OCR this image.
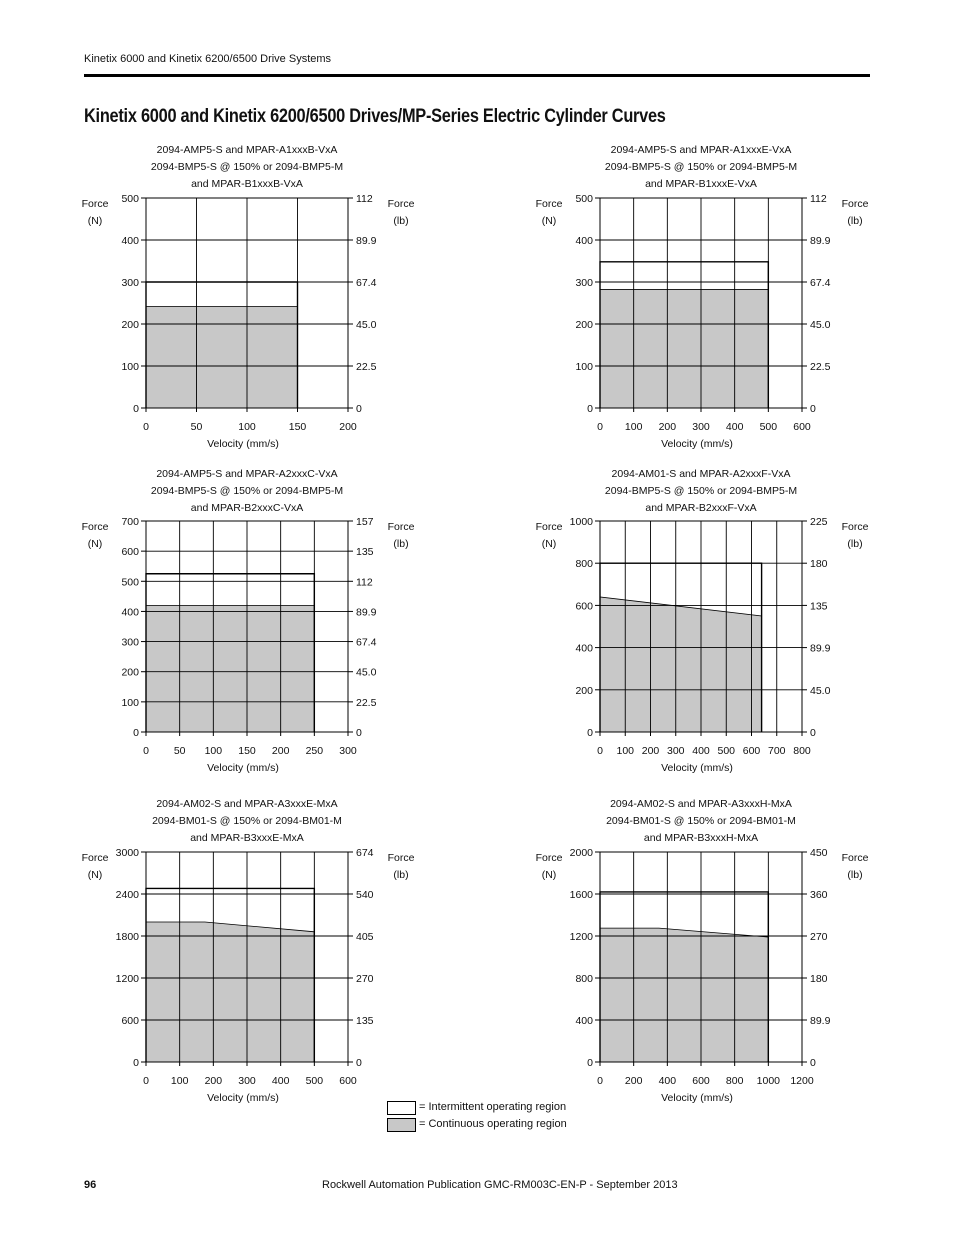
Kinetix 6000 and Kinetix 6200/6500 Drive Systems
Kinetix 6000 and Kinetix 6200/6500 Drives/MP-Series Electric Cylinder Curves
2094-AMP5-S and MPAR-A1xxxB-VxA
2094-BMP5-S @ 150% or 2094-BMP5-M
and MPAR-B1xxxB-VxA
Force
(N)
Force
(lb)
0	50	100	150	200
0
100
200
300
400
500
0
22.5
45.0
67.4
89.9
112
Velocity (mm/s)
2094-AMP5-S and MPAR-A1xxxE-VxA
2094-BMP5-S @ 150% or 2094-BMP5-M
and MPAR-B1xxxE-VxA
Force
(N)
Force
(lb)
0 100 200 300 400 500 600
0
100
200
300
400
500
0
22.5
45.0
67.4
89.9
112
Velocity (mm/s)
2094-AMP5-S and MPAR-A2xxxC-VxA
2094-BMP5-S @ 150% or 2094-BMP5-M
and MPAR-B2xxxC-VxA
Force
(N)
Force
(lb)
0 50 100 150 200 250 300
0
100
200
300
400
500
600
700
0
22.5
45.0
67.4
89.9
112
135
157
Velocity (mm/s)
2094-AM01-S and MPAR-A2xxxF-VxA
2094-BMP5-S @ 150% or 2094-BMP5-M
and MPAR-B2xxxF-VxA
Force
(N)
Force
(lb)
0 100 200 300 400 500 600 700 800
0
200
400
600
800
1000
0
45.0
89.9
135
180
225
Velocity (mm/s)
2094-AM02-S and MPAR-A3xxxE-MxA
2094-BM01-S @ 150% or 2094-BM01-M
and MPAR-B3xxxE-MxA
Force
(N)
Force
(lb)
0 100 200 300 400 500 600
0
600
1200
1800
2400
3000
0
135
270
405
540
674
Velocity (mm/s)
2094-AM02-S and MPAR-A3xxxH-MxA
2094-BM01-S @ 150% or 2094-BM01-M
and MPAR-B3xxxH-MxA
Force
(N)
Force
(lb)
0 200 400 600 800 1000 1200
0
400
800
1200
1600
2000
0
89.9
180
270
360
450
Velocity (mm/s)
= Intermittent operating region
= Continuous operating region
96	Rockwell Automation Publication GMC-RM003C-EN-P - September 2013
